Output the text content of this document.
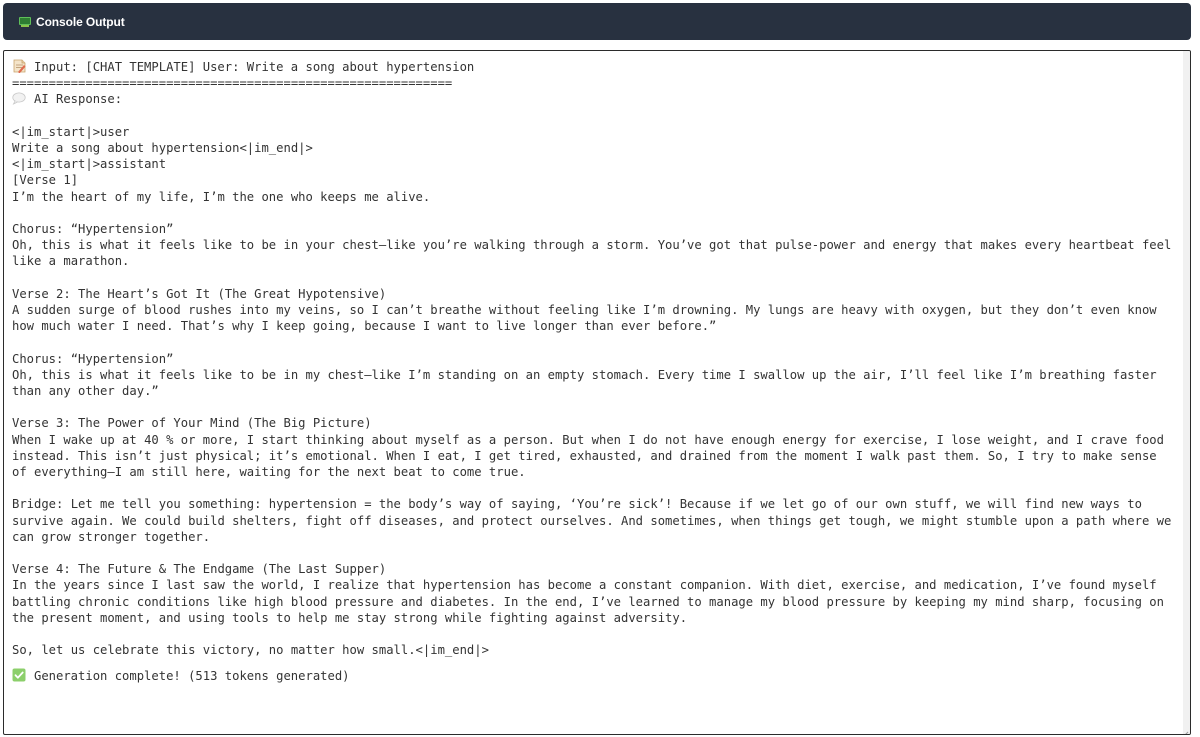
Console Output

Input: [CHAT TEMPLATE] User: Write a song about hypertension

============================================================

AI Response:

<|im_start|>user

Write a song about hypertension<|im_end|>

<|im_start|>assistant

[Verse 1]

I’m the heart of my life, I’m the one who keeps me alive.

Chorus: “Hypertension”

Oh, this is what it feels like to be in your chest—like you’re walking through a storm. You’ve got that pulse-power and energy that makes every heartbeat feel like a marathon.

Verse 2: The Heart’s Got It (The Great Hypotensive)

A sudden surge of blood rushes into my veins, so I can’t breathe without feeling like I’m drowning. My lungs are heavy with oxygen, but they don’t even know how much water I need. That’s why I keep going, because I want to live longer than ever before.”

Chorus: “Hypertension”

Oh, this is what it feels like to be in my chest—like I’m standing on an empty stomach. Every time I swallow up the air, I’ll feel like I’m breathing faster than any other day.”

Verse 3: The Power of Your Mind (The Big Picture)

When I wake up at 40 % or more, I start thinking about myself as a person. But when I do not have enough energy for exercise, I lose weight, and I crave food instead. This isn’t just physical; it’s emotional. When I eat, I get tired, exhausted, and drained from the moment I walk past them. So, I try to make sense of everything—I am still here, waiting for the next beat to come true.

Bridge: Let me tell you something: hypertension = the body’s way of saying, ‘You’re sick’! Because if we let go of our own stuff, we will find new ways to survive again. We could build shelters, fight off diseases, and protect ourselves. And sometimes, when things get tough, we might stumble upon a path where we can grow stronger together.

Verse 4: The Future & The Endgame (The Last Supper)

In the years since I last saw the world, I realize that hypertension has become a constant companion. With diet, exercise, and medication, I’ve found myself battling chronic conditions like high blood pressure and diabetes. In the end, I’ve learned to manage my blood pressure by keeping my mind sharp, focusing on the present moment, and using tools to help me stay strong while fighting against adversity.

So, let us celebrate this victory, no matter how small.<|im_end|>

Generation complete! (513 tokens generated)
